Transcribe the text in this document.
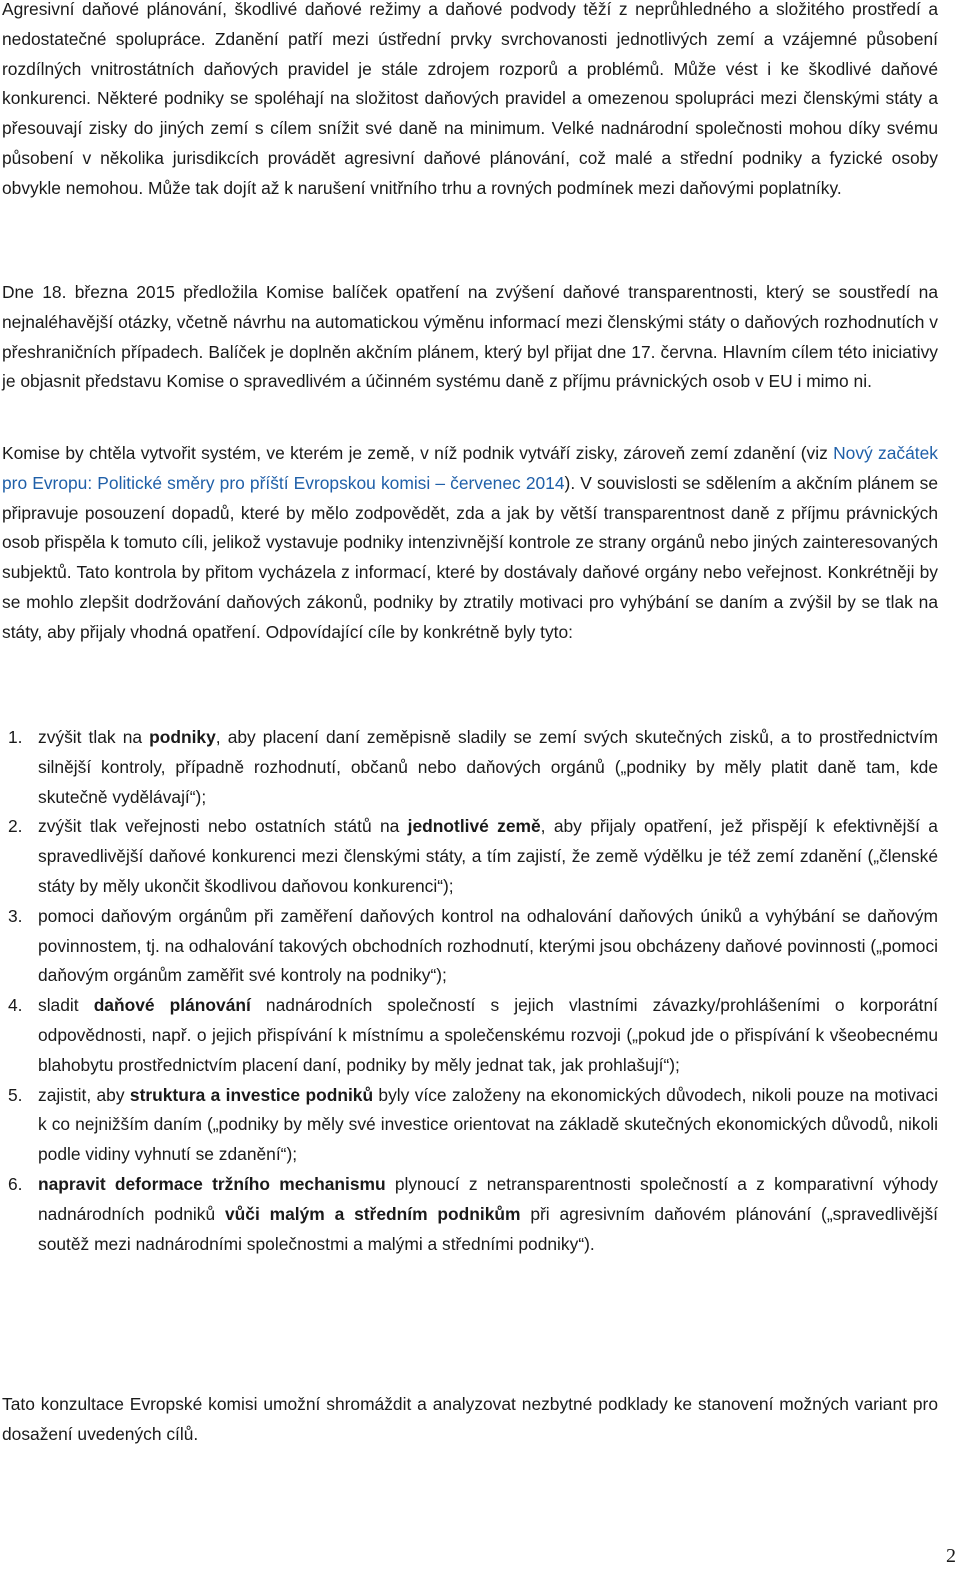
Agresivní daňové plánování, škodlivé daňové režimy a daňové podvody těží z neprůhledného a složitého prostředí a nedostatečné spolupráce. Zdanění patří mezi ústřední prvky svrchovanosti jednotlivých zemí a vzájemné působení rozdílných vnitrostátních daňových pravidel je stále zdrojem rozporů a problémů. Může vést i ke škodlivé daňové konkurenci. Některé podniky se spoléhají na složitost daňových pravidel a omezenou spolupráci mezi členskými státy a přesouvají zisky do jiných zemí s cílem snížit své daně na minimum. Velké nadnárodní společnosti mohou díky svému působení v několika jurisdikcích provádět agresivní daňové plánování, což malé a střední podniky a fyzické osoby obvykle nemohou. Může tak dojít až k narušení vnitřního trhu a rovných podmínek mezi daňovými poplatníky.

Dne 18. března 2015 předložila Komise balíček opatření na zvýšení daňové transparentnosti, který se soustředí na nejnaléhavější otázky, včetně návrhu na automatickou výměnu informací mezi členskými státy o daňových rozhodnutích v přeshraničních případech. Balíček je doplněn akčním plánem, který byl přijat dne 17. června. Hlavním cílem této iniciativy je objasnit představu Komise o spravedlivém a účinném systému daně z příjmu právnických osob v EU i mimo ni.

Komise by chtěla vytvořit systém, ve kterém je země, v níž podnik vytváří zisky, zároveň zemí zdanění (viz Nový začátek pro Evropu: Politické směry pro příští Evropskou komisi – červenec 2014). V souvislosti se sdělením a akčním plánem se připravuje posouzení dopadů, které by mělo zodpovědět, zda a jak by větší transparentnost daně z příjmu právnických osob přispěla k tomuto cíli, jelikož vystavuje podniky intenzivnější kontrole ze strany orgánů nebo jiných zainteresovaných subjektů. Tato kontrola by přitom vycházela z informací, které by dostávaly daňové orgány nebo veřejnost. Konkrétněji by se mohlo zlepšit dodržování daňových zákonů, podniky by ztratily motivaci pro vyhýbání se daním a zvýšil by se tlak na státy, aby přijaly vhodná opatření. Odpovídající cíle by konkrétně byly tyto:

1. zvýšit tlak na podniky, aby placení daní zeměpisně sladily se zemí svých skutečných zisků, a to prostřednictvím silnější kontroly, případně rozhodnutí, občanů nebo daňových orgánů („podniky by měly platit daně tam, kde skutečně vydělávají“);

2. zvýšit tlak veřejnosti nebo ostatních států na jednotlivé země, aby přijaly opatření, jež přispějí k efektivnější a spravedlivější daňové konkurenci mezi členskými státy, a tím zajistí, že země výdělku je též zemí zdanění („členské státy by měly ukončit škodlivou daňovou konkurenci“);

3. pomoci daňovým orgánům při zaměření daňových kontrol na odhalování daňových úniků a vyhýbání se daňovým povinnostem, tj. na odhalování takových obchodních rozhodnutí, kterými jsou obcházeny daňové povinnosti („pomoci daňovým orgánům zaměřit své kontroly na podniky“);

4. sladit daňové plánování nadnárodních společností s jejich vlastními závazky/prohlášeními o korporátní odpovědnosti, např. o jejich přispívání k místnímu a společenskému rozvoji („pokud jde o přispívání k všeobecnému blahobytu prostřednictvím placení daní, podniky by měly jednat tak, jak prohlašují“);

5. zajistit, aby struktura a investice podniků byly více založeny na ekonomických důvodech, nikoli pouze na motivaci k co nejnižším daním („podniky by měly své investice orientovat na základě skutečných ekonomických důvodů, nikoli podle vidiny vyhnutí se zdanění“);

6. napravit deformace tržního mechanismu plynoucí z netransparentnosti společností a z komparativní výhody nadnárodních podniků vůči malým a středním podnikům při agresivním daňovém plánování („spravedlivější soutěž mezi nadnárodními společnostmi a malými a středními podniky“).

Tato konzultace Evropské komisi umožní shromáždit a analyzovat nezbytné podklady ke stanovení možných variant pro dosažení uvedených cílů.

2
